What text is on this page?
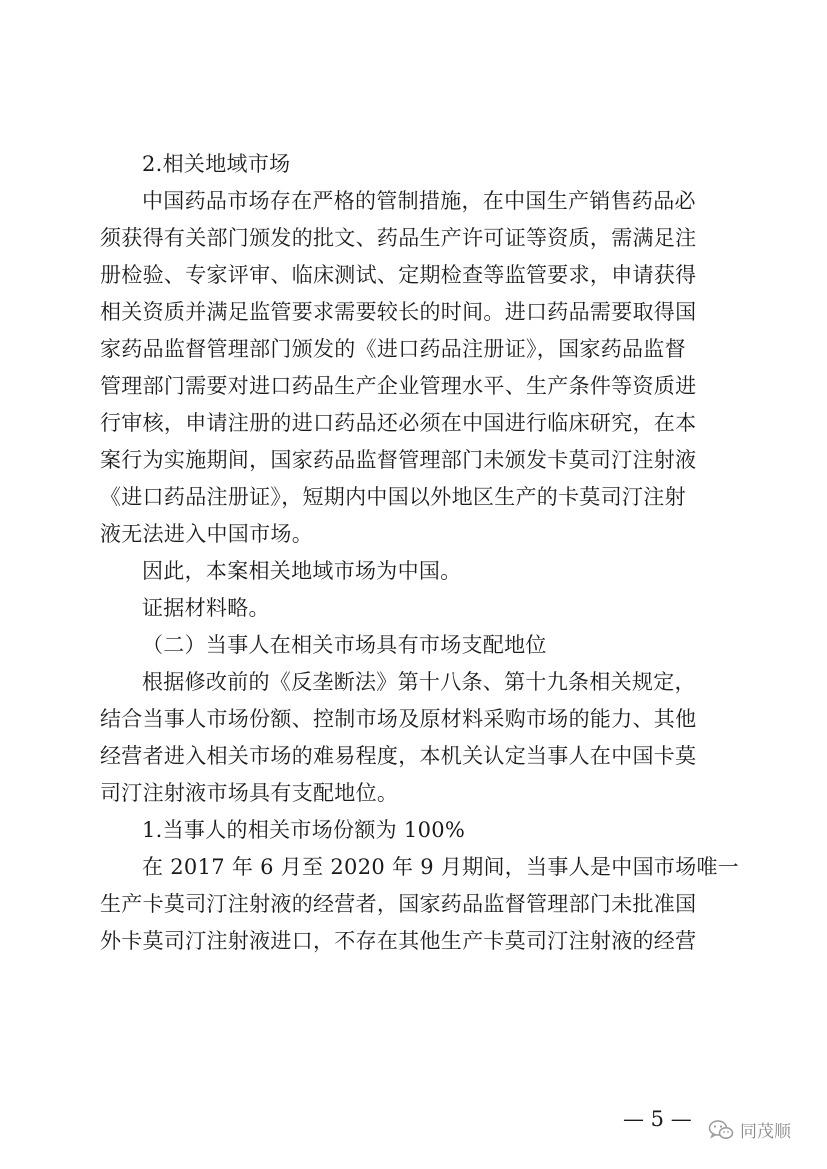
2.相关地域市场
中国药品市场存在严格的管制措施，在中国生产销售药品必
须获得有关部门颁发的批文、药品生产许可证等资质，需满足注
册检验、专家评审、临床测试、定期检查等监管要求，申请获得
相关资质并满足监管要求需要较长的时间。进口药品需要取得国
家药品监督管理部门颁发的《进口药品注册证》，国家药品监督
管理部门需要对进口药品生产企业管理水平、生产条件等资质进
行审核，申请注册的进口药品还必须在中国进行临床研究，在本
案行为实施期间，国家药品监督管理部门未颁发卡莫司汀注射液
《进口药品注册证》，短期内中国以外地区生产的卡莫司汀注射
液无法进入中国市场。
因此，本案相关地域市场为中国。
证据材料略。
（二）当事人在相关市场具有市场支配地位
根据修改前的《反垄断法》第十八条、第十九条相关规定，
结合当事人市场份额、控制市场及原材料采购市场的能力、其他
经营者进入相关市场的难易程度，本机关认定当事人在中国卡莫
司汀注射液市场具有支配地位。
1.当事人的相关市场份额为 100%
在 2017 年 6 月至 2020 年 9 月期间，当事人是中国市场唯一
生产卡莫司汀注射液的经营者，国家药品监督管理部门未批准国
外卡莫司汀注射液进口，不存在其他生产卡莫司汀注射液的经营
— 5 —
同茂顺
